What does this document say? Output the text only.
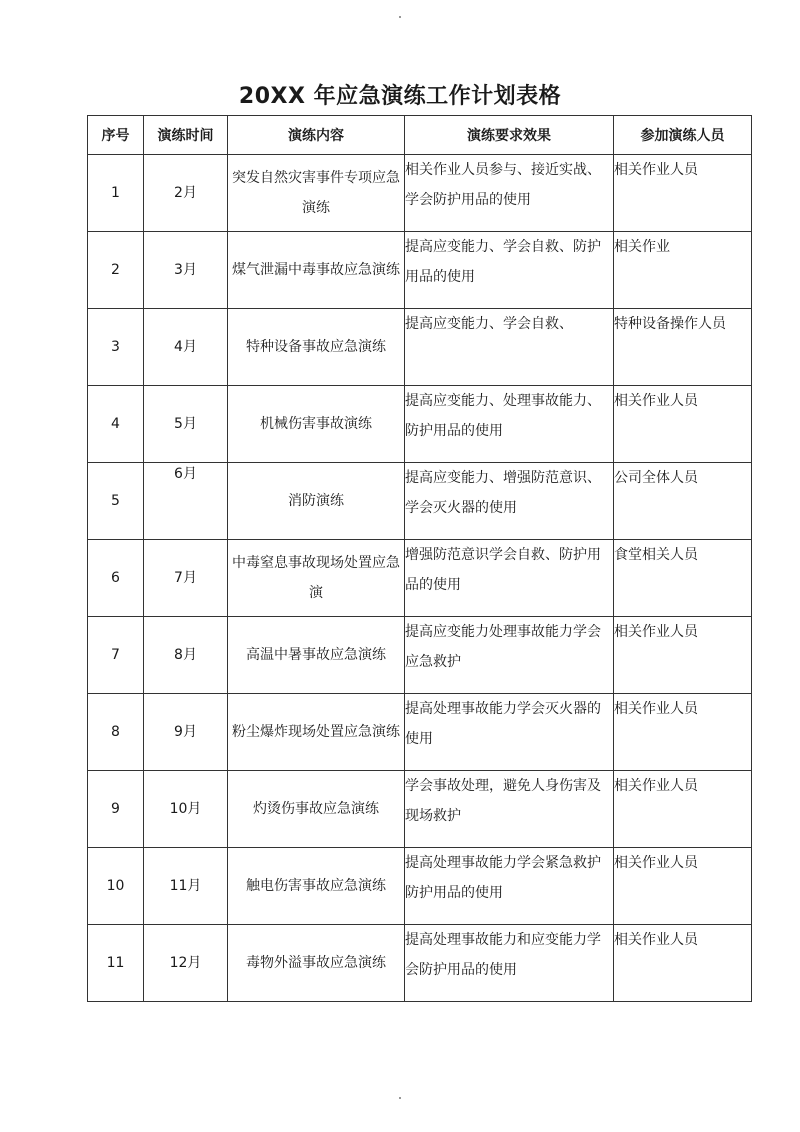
20XX 年应急演练工作计划表格
序号	演练时间	演练内容	演练要求效果	参加演练人员
1	2月	突发自然灾害事件专项应急演练	相关作业人员参与、接近实战、学会防护用品的使用	相关作业人员
2	3月	煤气泄漏中毒事故应急演练	提高应变能力、学会自救、防护用品的使用	相关作业
3	4月	特种设备事故应急演练	提高应变能力、学会自救、	特种设备操作人员
4	5月	机械伤害事故演练	提高应变能力、处理事故能力、防护用品的使用	相关作业人员
5	6月	消防演练	提高应变能力、增强防范意识、学会灭火器的使用	公司全体人员
6	7月	中毒窒息事故现场处置应急演	增强防范意识学会自救、防护用品的使用	食堂相关人员
7	8月	高温中暑事故应急演练	提高应变能力处理事故能力学会应急救护	相关作业人员
8	9月	粉尘爆炸现场处置应急演练	提高处理事故能力学会灭火器的使用	相关作业人员
9	10月	灼烫伤事故应急演练	学会事故处理，避免人身伤害及现场救护	相关作业人员
10	11月	触电伤害事故应急演练	提高处理事故能力学会紧急救护防护用品的使用	相关作业人员
11	12月	毒物外溢事故应急演练	提高处理事故能力和应变能力学会防护用品的使用	相关作业人员
